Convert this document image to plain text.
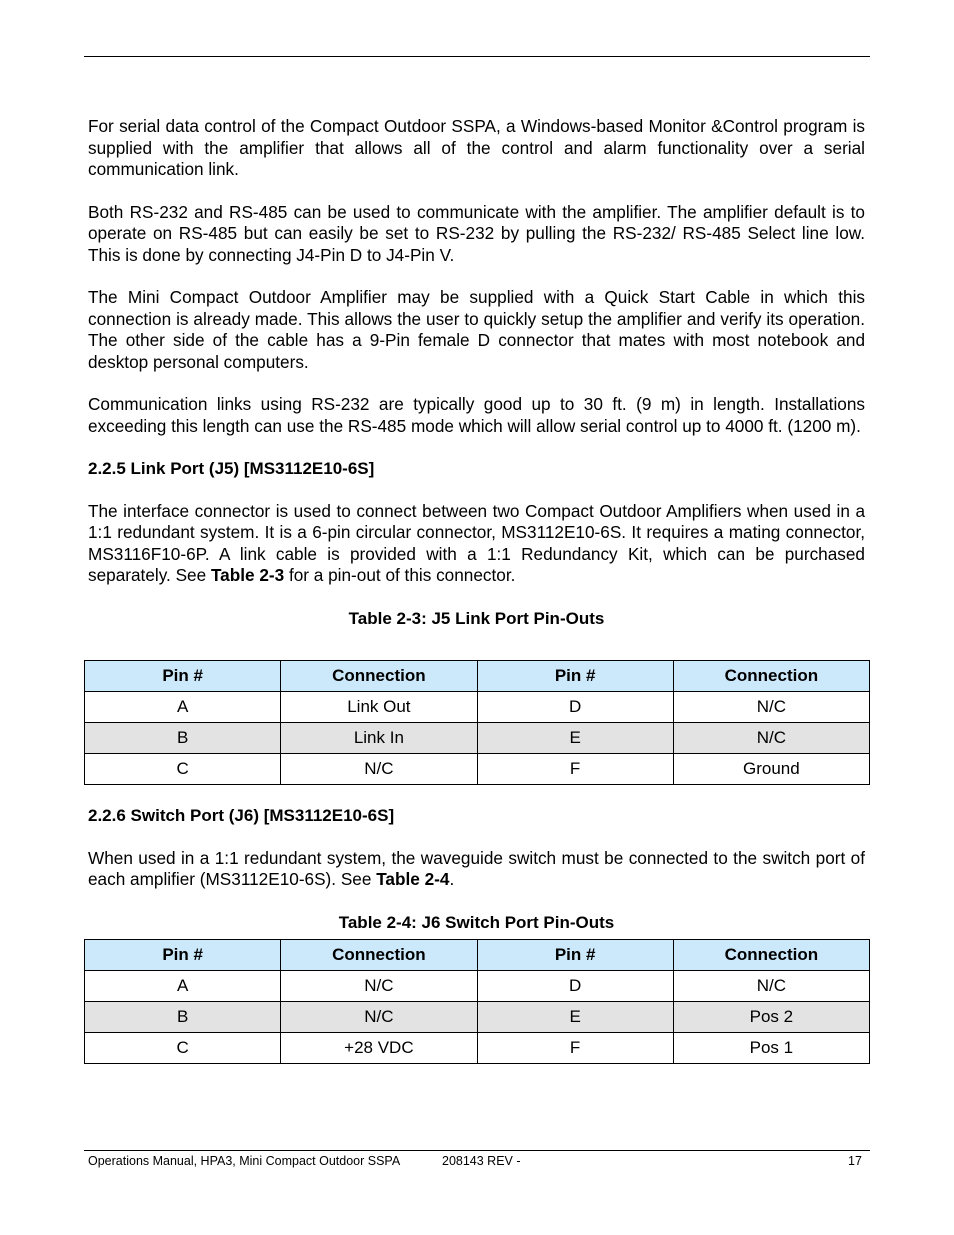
For serial data control of the Compact Outdoor SSPA, a Windows-based Monitor &Control program is supplied with the amplifier that allows all of the control and alarm functionality over a serial communication link.

Both RS-232 and RS-485 can be used to communicate with the amplifier. The amplifier default is to operate on RS-485 but can easily be set to RS-232 by pulling the RS-232/ RS-485 Select line low. This is done by connecting J4-Pin D to J4-Pin V.

The Mini Compact Outdoor Amplifier may be supplied with a Quick Start Cable in which this connection is already made. This allows the user to quickly setup the amplifier and verify its operation. The other side of the cable has a 9-Pin female D connector that mates with most notebook and desktop personal computers.

Communication links using RS-232 are typically good up to 30 ft. (9 m) in length. Installations exceeding this length can use the RS-485 mode which will allow serial control up to 4000 ft. (1200 m).

2.2.5 Link Port (J5) [MS3112E10-6S]

The interface connector is used to connect between two Compact Outdoor Amplifiers when used in a 1:1 redundant system. It is a 6-pin circular connector, MS3112E10-6S. It requires a mating connector, MS3116F10-6P. A link cable is provided with a 1:1 Redundancy Kit, which can be purchased separately. See Table 2-3 for a pin-out of this connector.

Table 2-3: J5 Link Port Pin-Outs
Pin #	Connection	Pin #	Connection
A	Link Out	D	N/C
B	Link In	E	N/C
C	N/C	F	Ground
2.2.6 Switch Port (J6) [MS3112E10-6S]

When used in a 1:1 redundant system, the waveguide switch must be connected to the switch port of each amplifier (MS3112E10-6S). See Table 2-4.

Table 2-4: J6 Switch Port Pin-Outs
Pin #	Connection	Pin #	Connection
A	N/C	D	N/C
B	N/C	E	Pos 2
C	+28 VDC	F	Pos 1
Operations Manual, HPA3, Mini Compact Outdoor SSPA	208143 REV -	17
